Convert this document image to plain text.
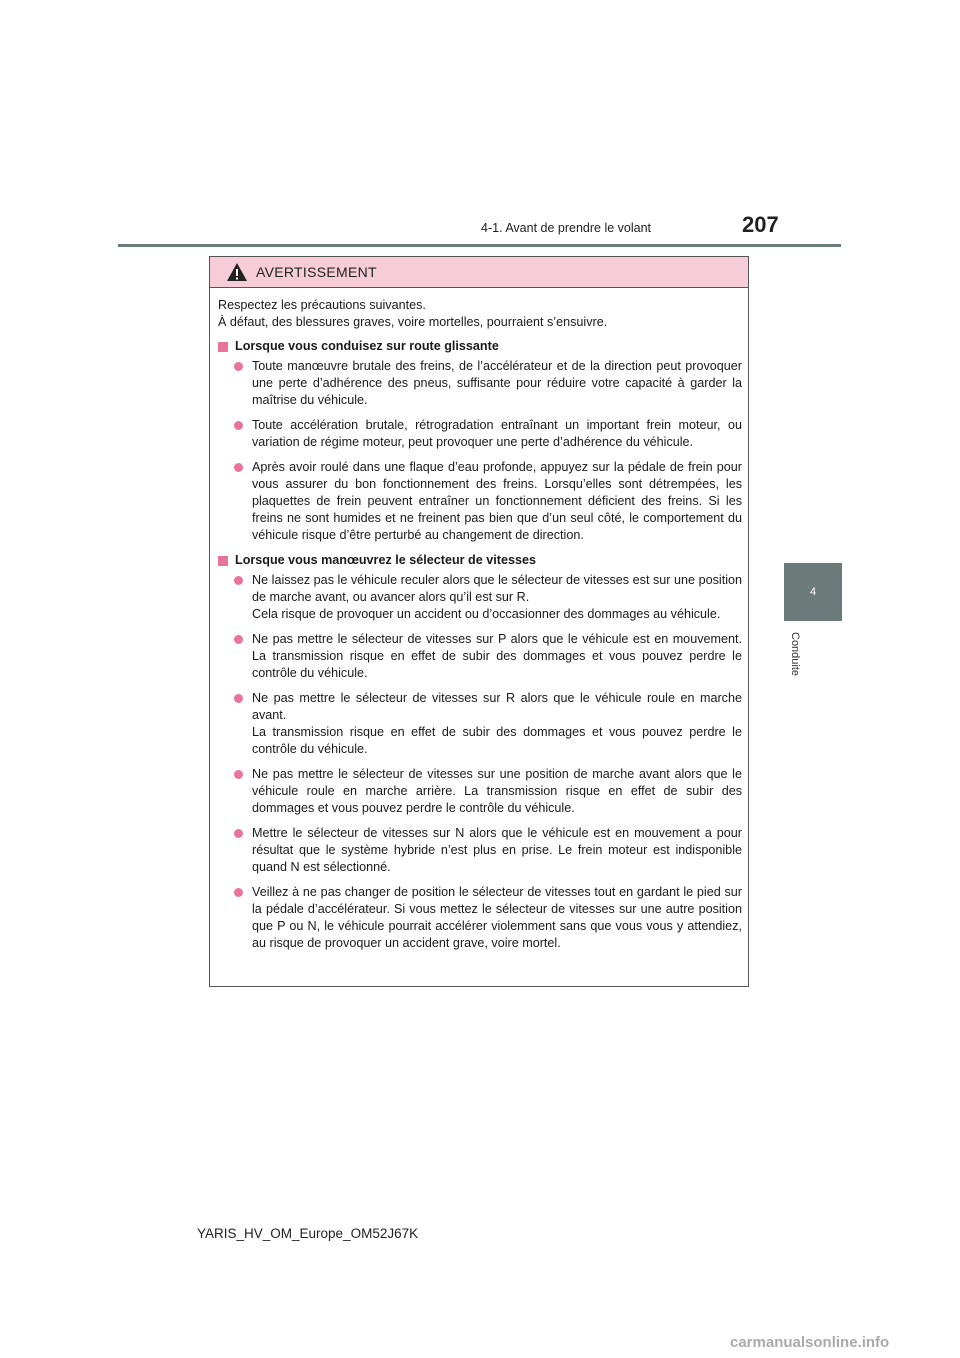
4-1. Avant de prendre le volant	207
4
Conduite
AVERTISSEMENT

Respectez les précautions suivantes.

À défaut, des blessures graves, voire mortelles, pourraient s’ensuivre.

Lorsque vous conduisez sur route glissante

Toute manœuvre brutale des freins, de l’accélérateur et de la direction peut provoquer une perte d’adhérence des pneus, suffisante pour réduire votre capacité à garder la maîtrise du véhicule.

Toute accélération brutale, rétrogradation entraînant un important frein moteur, ou variation de régime moteur, peut provoquer une perte d’adhérence du véhicule.

Après avoir roulé dans une flaque d’eau profonde, appuyez sur la pédale de frein pour vous assurer du bon fonctionnement des freins. Lorsqu’elles sont détrempées, les plaquettes de frein peuvent entraîner un fonctionnement déficient des freins. Si les freins ne sont humides et ne freinent pas bien que d’un seul côté, le comportement du véhicule risque d’être perturbé au changement de direction.

Lorsque vous manœuvrez le sélecteur de vitesses

Ne laissez pas le véhicule reculer alors que le sélecteur de vitesses est sur une position de marche avant, ou avancer alors qu’il est sur R.

Cela risque de provoquer un accident ou d’occasionner des dommages au véhicule.

Ne pas mettre le sélecteur de vitesses sur P alors que le véhicule est en mouvement. La transmission risque en effet de subir des dommages et vous pouvez perdre le contrôle du véhicule.

Ne pas mettre le sélecteur de vitesses sur R alors que le véhicule roule en marche avant.

La transmission risque en effet de subir des dommages et vous pouvez perdre le contrôle du véhicule.

Ne pas mettre le sélecteur de vitesses sur une position de marche avant alors que le véhicule roule en marche arrière. La transmission risque en effet de subir des dommages et vous pouvez perdre le contrôle du véhicule.

Mettre le sélecteur de vitesses sur N alors que le véhicule est en mouvement a pour résultat que le système hybride n’est plus en prise. Le frein moteur est indisponible quand N est sélectionné.

Veillez à ne pas changer de position le sélecteur de vitesses tout en gardant le pied sur la pédale d’accélérateur. Si vous mettez le sélecteur de vitesses sur une autre position que P ou N, le véhicule pourrait accélérer violemment sans que vous vous y attendiez, au risque de provoquer un accident grave, voire mortel.

YARIS_HV_OM_Europe_OM52J67K
carmanualsonline.info
